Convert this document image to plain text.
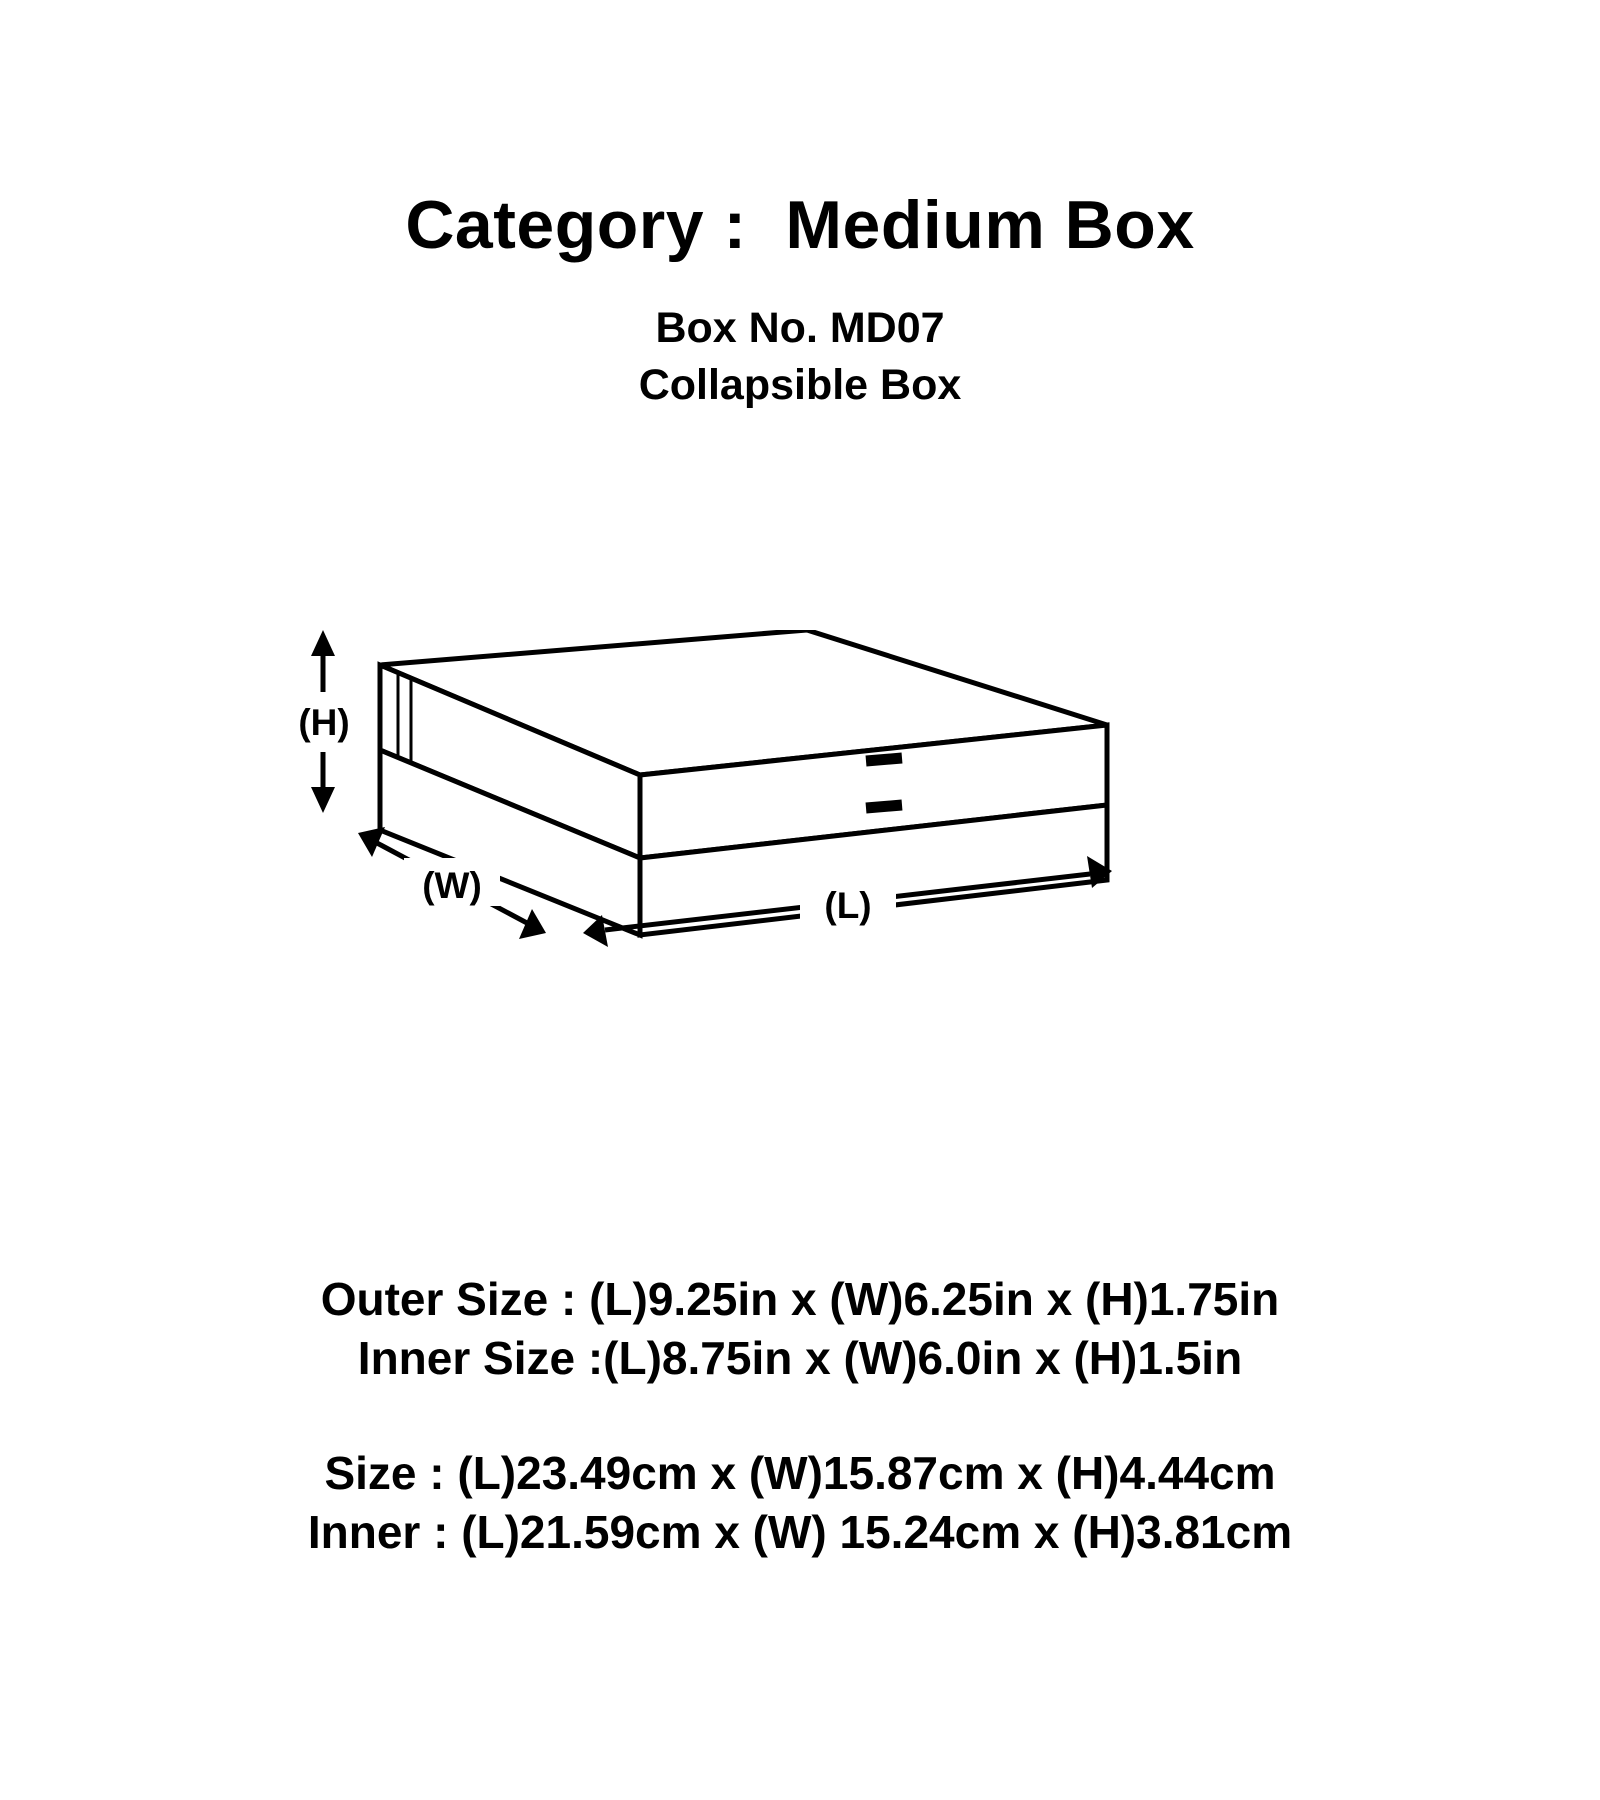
Category :  Medium Box
Box No. MD07
Collapsible Box
(H)
(W)	(L)
Outer Size : (L)9.25in x (W)6.25in x (H)1.75in
Inner Size :(L)8.75in x (W)6.0in x (H)1.5in
Size : (L)23.49cm x (W)15.87cm x (H)4.44cm
Inner : (L)21.59cm x (W) 15.24cm x (H)3.81cm
